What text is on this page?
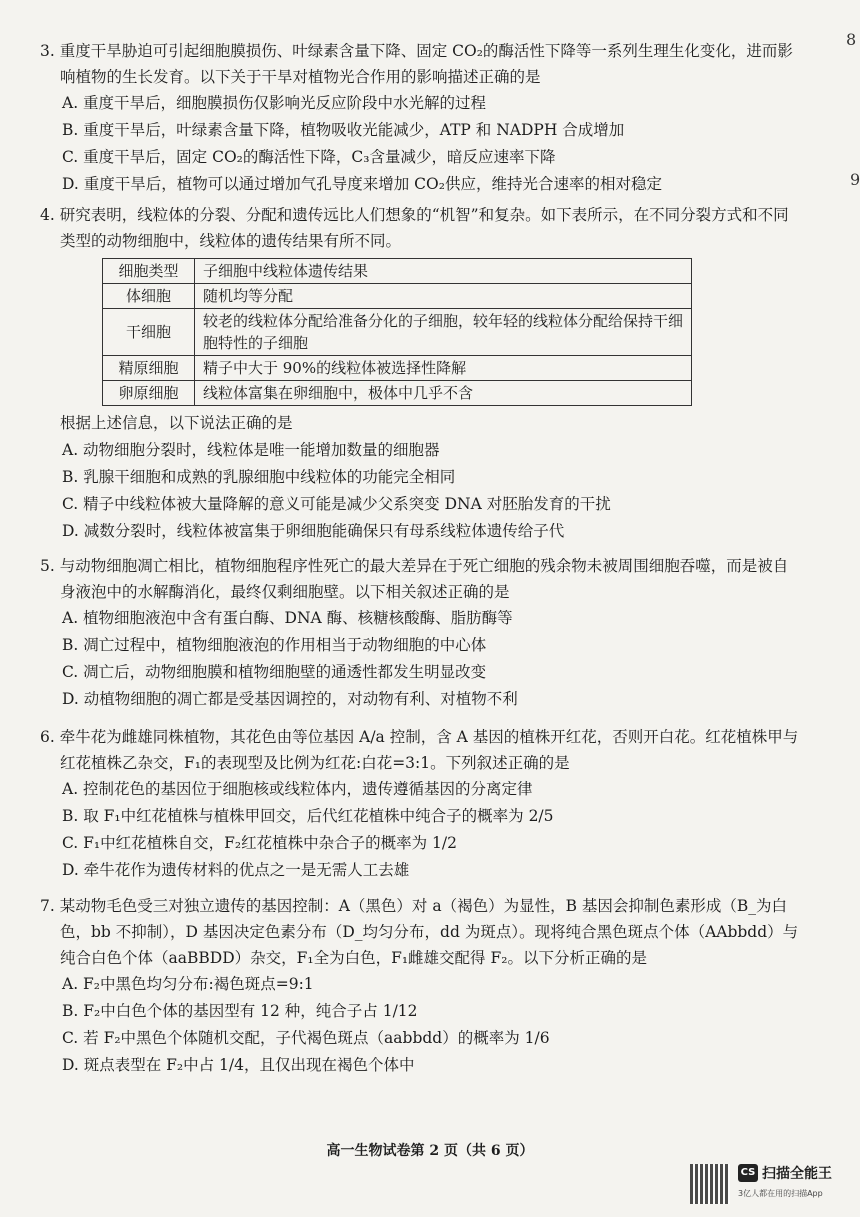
8
9

3. 重度干旱胁迫可引起细胞膜损伤、叶绿素含量下降、固定 CO₂的酶活性下降等一系列生理生化变化，进而影响植物的生长发育。以下关于干旱对植物光合作用的影响描述正确的是

A. 重度干旱后，细胞膜损伤仅影响光反应阶段中水光解的过程

B. 重度干旱后，叶绿素含量下降，植物吸收光能减少，ATP 和 NADPH 合成增加

C. 重度干旱后，固定 CO₂的酶活性下降，C₃含量减少，暗反应速率下降

D. 重度干旱后，植物可以通过增加气孔导度来增加 CO₂供应，维持光合速率的相对稳定

4. 研究表明，线粒体的分裂、分配和遗传远比人们想象的“机智”和复杂。如下表所示，在不同分裂方式和不同类型的动物细胞中，线粒体的遗传结果有所不同。

细胞类型	子细胞中线粒体遗传结果
体细胞	随机均等分配
干细胞	较老的线粒体分配给准备分化的子细胞，较年轻的线粒体分配给保持干细胞特性的子细胞
精原细胞	精子中大于 90%的线粒体被选择性降解
卵原细胞	线粒体富集在卵细胞中，极体中几乎不含

根据上述信息，以下说法正确的是

A. 动物细胞分裂时，线粒体是唯一能增加数量的细胞器

B. 乳腺干细胞和成熟的乳腺细胞中线粒体的功能完全相同

C. 精子中线粒体被大量降解的意义可能是减少父系突变 DNA 对胚胎发育的干扰

D. 减数分裂时，线粒体被富集于卵细胞能确保只有母系线粒体遗传给子代

5. 与动物细胞凋亡相比，植物细胞程序性死亡的最大差异在于死亡细胞的残余物未被周围细胞吞噬，而是被自身液泡中的水解酶消化，最终仅剩细胞壁。以下相关叙述正确的是

A. 植物细胞液泡中含有蛋白酶、DNA 酶、核糖核酸酶、脂肪酶等

B. 凋亡过程中，植物细胞液泡的作用相当于动物细胞的中心体

C. 凋亡后，动物细胞膜和植物细胞壁的通透性都发生明显改变

D. 动植物细胞的凋亡都是受基因调控的，对动物有利、对植物不利

6. 牵牛花为雌雄同株植物，其花色由等位基因 A/a 控制，含 A 基因的植株开红花，否则开白花。红花植株甲与红花植株乙杂交，F₁的表现型及比例为红花:白花=3:1。下列叙述正确的是

A. 控制花色的基因位于细胞核或线粒体内，遗传遵循基因的分离定律

B. 取 F₁中红花植株与植株甲回交，后代红花植株中纯合子的概率为 2/5

C. F₁中红花植株自交，F₂红花植株中杂合子的概率为 1/2

D. 牵牛花作为遗传材料的优点之一是无需人工去雄

7. 某动物毛色受三对独立遗传的基因控制：A（黑色）对 a（褐色）为显性，B 基因会抑制色素形成（B_为白色，bb 不抑制），D 基因决定色素分布（D_均匀分布，dd 为斑点）。现将纯合黑色斑点个体（AAbbdd）与纯合白色个体（aaBBDD）杂交，F₁全为白色，F₁雌雄交配得 F₂。以下分析正确的是

A. F₂中黑色均匀分布:褐色斑点=9:1

B. F₂中白色个体的基因型有 12 种，纯合子占 1/12

C. 若 F₂中黑色个体随机交配，子代褐色斑点（aabbdd）的概率为 1/6

D. 斑点表型在 F₂中占 1/4，且仅出现在褐色个体中

高一生物试卷第 2 页（共 6 页）
CS 扫描全能王
3亿人都在用的扫描App
